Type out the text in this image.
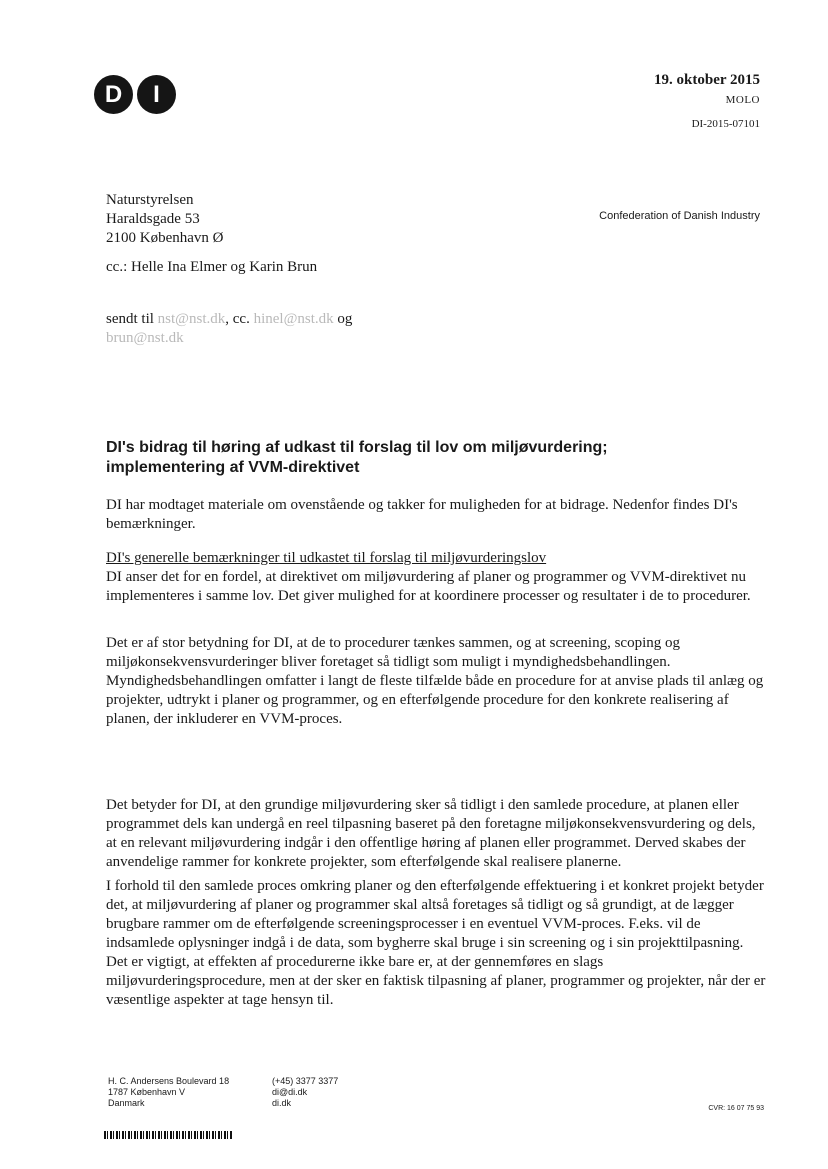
D	I
19. oktober 2015
MOLO
DI-2015-07101
Confederation of Danish Industry
Naturstyrelsen
Haraldsgade 53
2100 København Ø
cc.: Helle Ina Elmer og Karin Brun
sendt til nst@nst.dk, cc. hinel@nst.dk og
brun@nst.dk
DI's bidrag til høring af udkast til forslag til lov om miljøvurdering; implementering af VVM-direktivet

DI har modtaget materiale om ovenstående og takker for muligheden for at bidrage. Nedenfor findes DI's bemærkninger.

DI's generelle bemærkninger til udkastet til forslag til miljøvurderingslov
DI anser det for en fordel, at direktivet om miljøvurdering af planer og programmer og VVM-direktivet nu implementeres i samme lov. Det giver mulighed for at koordinere processer og resultater i de to procedurer.

Det er af stor betydning for DI, at de to procedurer tænkes sammen, og at screening, scoping og miljøkonsekvensvurderinger bliver foretaget så tidligt som muligt i myndighedsbehandlingen. Myndighedsbehandlingen omfatter i langt de fleste tilfælde både en procedure for at anvise plads til anlæg og projekter, udtrykt i planer og programmer, og en efterfølgende procedure for den konkrete realisering af planen, der inkluderer en VVM-proces.

Det betyder for DI, at den grundige miljøvurdering sker så tidligt i den samlede procedure, at planen eller programmet dels kan undergå en reel tilpasning baseret på den foretagne miljøkonsekvensvurdering og dels, at en relevant miljøvurdering indgår i den offentlige høring af planen eller programmet. Derved skabes der anvendelige rammer for konkrete projekter, som efterfølgende skal realisere planerne.

I forhold til den samlede proces omkring planer og den efterfølgende effektuering i et konkret projekt betyder det, at miljøvurdering af planer og programmer skal altså foretages så tidligt og så grundigt, at de lægger brugbare rammer om de efterfølgende screeningsprocesser i en eventuel VVM-proces. F.eks. vil de indsamlede oplysninger indgå i de data, som bygherre skal bruge i sin screening og i sin projekttilpasning. Det er vigtigt, at effekten af procedurerne ikke bare er, at der gennemføres en slags miljøvurderingsprocedure, men at der sker en faktisk tilpasning af planer, programmer og projekter, når der er væsentlige aspekter at tage hensyn til.

H. C. Andersens Boulevard 18
1787 København V
Danmark
(+45) 3377 3377
di@di.dk
di.dk
CVR: 16 07 75 93
